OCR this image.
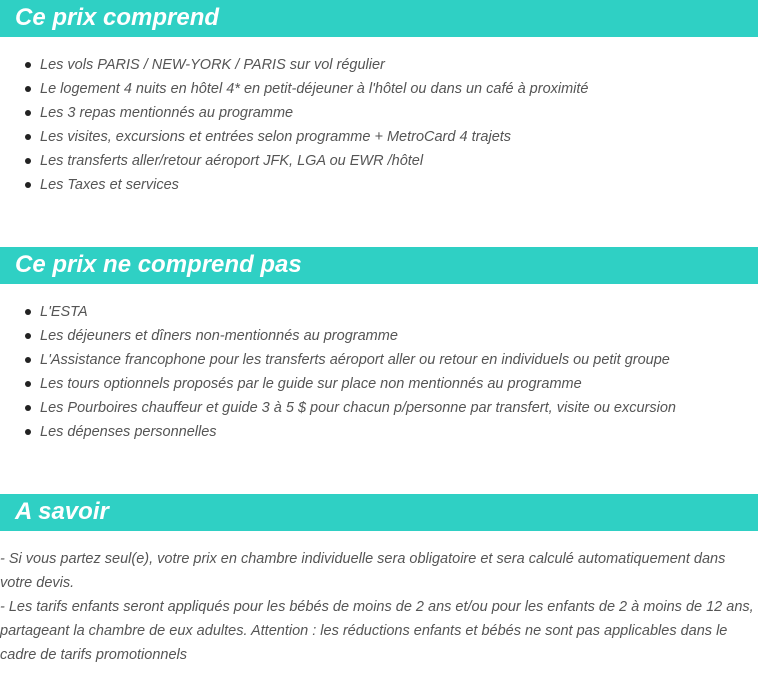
Ce prix comprend
Les vols PARIS / NEW-YORK / PARIS sur vol régulier
Le logement 4 nuits en hôtel 4* en petit-déjeuner à l'hôtel ou dans un café à proximité
Les 3 repas mentionnés au programme
Les visites, excursions et entrées selon programme + MetroCard 4 trajets
Les transferts aller/retour aéroport JFK, LGA ou EWR /hôtel
Les Taxes et services
Ce prix ne comprend pas
L'ESTA
Les déjeuners et dîners non-mentionnés au programme
L'Assistance francophone pour les transferts aéroport aller ou retour en individuels ou petit groupe
Les tours optionnels proposés par le guide sur place non mentionnés au programme
Les Pourboires chauffeur et guide 3 à 5 $ pour chacun p/personne par transfert, visite ou excursion
Les dépenses personnelles
A savoir

- Si vous partez seul(e), votre prix en chambre individuelle sera obligatoire et sera calculé automatiquement dans votre devis.

- Les tarifs enfants seront appliqués pour les bébés de moins de 2 ans et/ou pour les enfants de 2 à moins de 12 ans, partageant la chambre de eux adultes. Attention : les réductions enfants et bébés ne sont pas applicables dans le cadre de tarifs promotionnels
